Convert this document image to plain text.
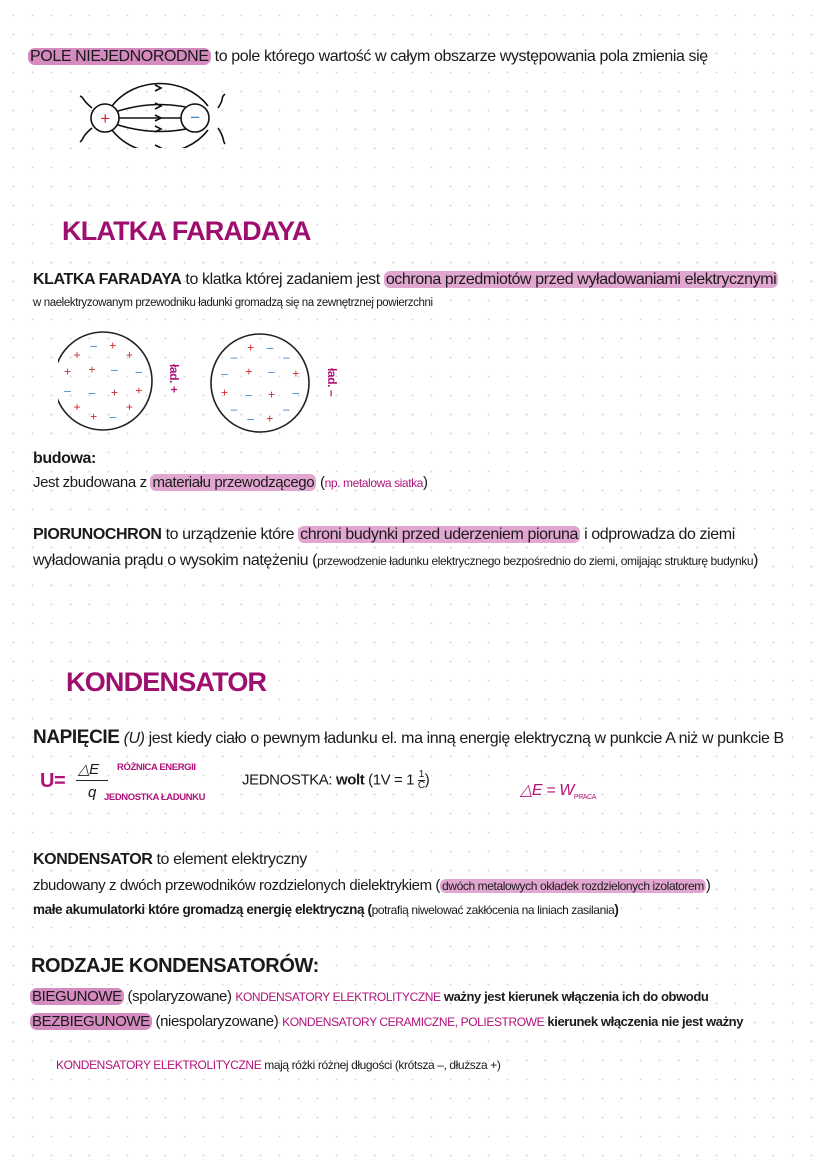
POLE NIEJEDNORODNE to pole którego wartość w całym obszarze występowania pola zmienia się
+	−
KLATKA FARADAYA
KLATKA FARADAYA to klatka której zadaniem jest ochrona przedmiotów przed wyładowaniami elektrycznymi
w naelektryzowanym przewodniku ładunki gromadzą się na zewnętrznej powierzchni
+
+
–
+
+
–
+
+
– +
+
–
+
–
+ –
–
–
+
–
–
+
–
–
+ –
–
+
+
–
+ –
ład. +	ład. –
budowa:
Jest zbudowana z materiału przewodzącego (np. metalowa siatka)
PIORUNOCHRON to urządzenie które chroni budynki przed uderzeniem pioruna i odprowadza do ziemi
wyładowania prądu o wysokim natężeniu (przewodzenie ładunku elektrycznego bezpośrednio do ziemi, omijając strukturę budynku)
KONDENSATOR
NAPIĘCIE (U) jest kiedy ciało o pewnym ładunku el. ma inną energię elektryczną w punkcie A niż w punkcie B
U=
△E
q
RÓŻNICA ENERGII
JEDNOSTKA ŁADUNKU
JEDNOSTKA: wolt ($1V = 1 \frac{1}{C}$ )
△E = $W_{PRACA}$
KONDENSATOR to element elektryczny
zbudowany z dwóch przewodników rozdzielonych dielektrykiem ( dwóch metalowych okładek rozdzielonych izolatorem )
małe akumulatorki które gromadzą energię elektryczną (potrafią niwelować zakłócenia na liniach zasilania)
RODZAJE KONDENSATORÓW:
BIEGUNOWE (spolaryzowane) KONDENSATORY ELEKTROLITYCZNE ważny jest kierunek włączenia ich do obwodu
BEZBIEGUNOWE (niespolaryzowane) KONDENSATORY CERAMICZNE, POLIESTROWE kierunek włączenia nie jest ważny
KONDENSATORY ELEKTROLITYCZNE mają różki różnej długości (krótsza –, dłuższa +)
